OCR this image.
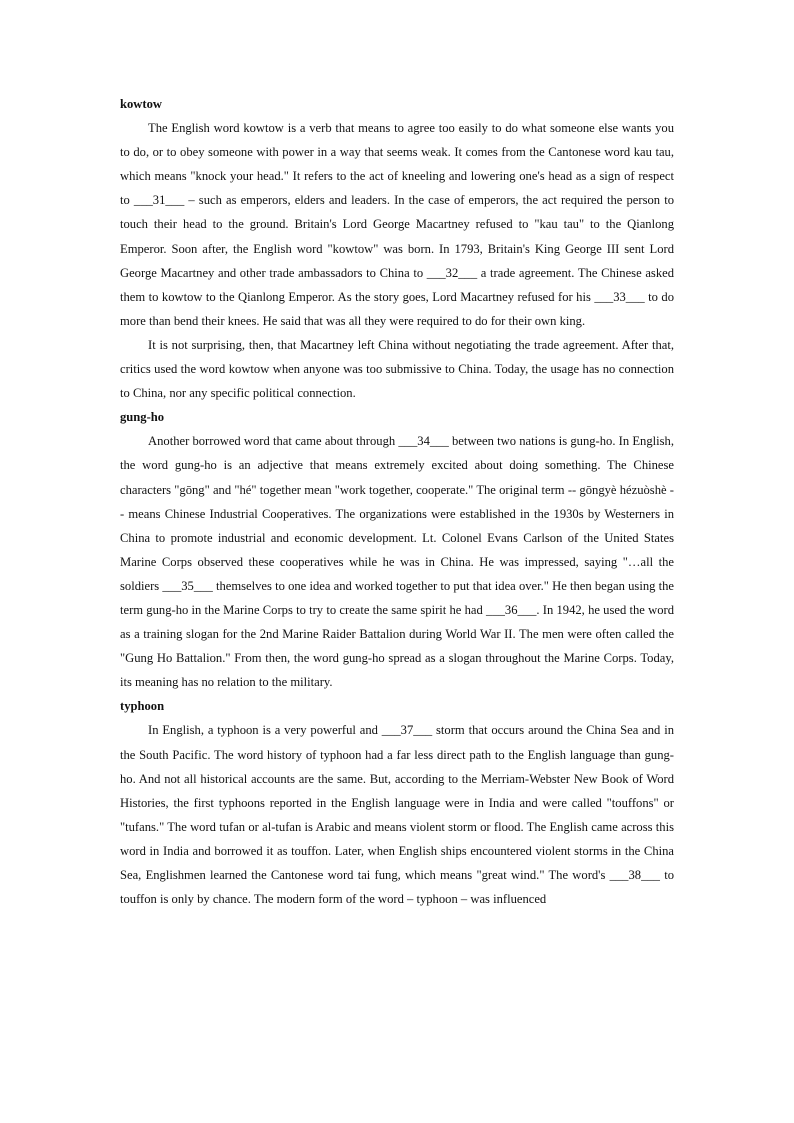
kowtow

The English word kowtow is a verb that means to agree too easily to do what someone else wants you to do, or to obey someone with power in a way that seems weak. It comes from the Cantonese word kau tau, which means "knock your head." It refers to the act of kneeling and lowering one's head as a sign of respect to ___31___ – such as emperors, elders and leaders. In the case of emperors, the act required the person to touch their head to the ground. Britain's Lord George Macartney refused to "kau tau" to the Qianlong Emperor. Soon after, the English word "kowtow" was born. In 1793, Britain's King George III sent Lord George Macartney and other trade ambassadors to China to ___32___ a trade agreement. The Chinese asked them to kowtow to the Qianlong Emperor. As the story goes, Lord Macartney refused for his ___33___ to do more than bend their knees. He said that was all they were required to do for their own king.

It is not surprising, then, that Macartney left China without negotiating the trade agreement. After that, critics used the word kowtow when anyone was too submissive to China. Today, the usage has no connection to China, nor any specific political connection.

gung-ho

Another borrowed word that came about through ___34___ between two nations is gung-ho. In English, the word gung-ho is an adjective that means extremely excited about doing something. The Chinese characters "gōng" and "hé" together mean "work together, cooperate." The original term -- gōngyè hézuòshè -- means Chinese Industrial Cooperatives. The organizations were established in the 1930s by Westerners in China to promote industrial and economic development. Lt. Colonel Evans Carlson of the United States Marine Corps observed these cooperatives while he was in China. He was impressed, saying "…all the soldiers ___35___ themselves to one idea and worked together to put that idea over." He then began using the term gung-ho in the Marine Corps to try to create the same spirit he had ___36___. In 1942, he used the word as a training slogan for the 2nd Marine Raider Battalion during World War II. The men were often called the "Gung Ho Battalion." From then, the word gung-ho spread as a slogan throughout the Marine Corps. Today, its meaning has no relation to the military.

typhoon

In English, a typhoon is a very powerful and ___37___ storm that occurs around the China Sea and in the South Pacific. The word history of typhoon had a far less direct path to the English language than gung-ho. And not all historical accounts are the same. But, according to the Merriam-Webster New Book of Word Histories, the first typhoons reported in the English language were in India and were called "touffons" or "tufans." The word tufan or al-tufan is Arabic and means violent storm or flood. The English came across this word in India and borrowed it as touffon. Later, when English ships encountered violent storms in the China Sea, Englishmen learned the Cantonese word tai fung, which means "great wind." The word's ___38___ to touffon is only by chance. The modern form of the word – typhoon – was influenced
